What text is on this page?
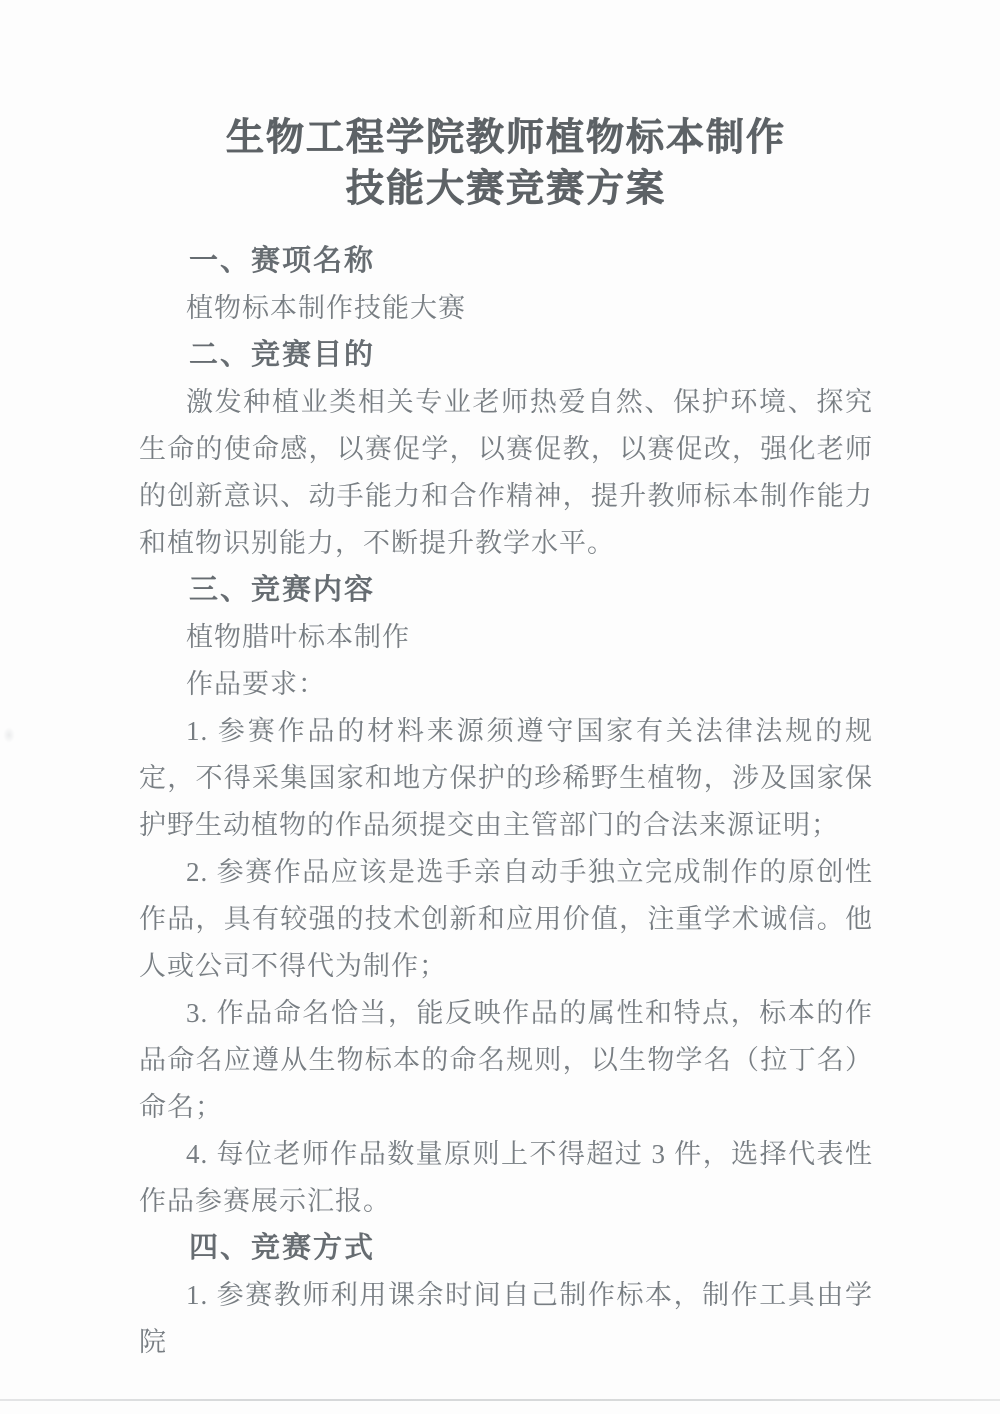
生物工程学院教师植物标本制作
技能大赛竞赛方案
一、赛项名称

植物标本制作技能大赛

二、竞赛目的

激发种植业类相关专业老师热爱自然、保护环境、探究生命的使命感，以赛促学，以赛促教，以赛促改，强化老师的创新意识、动手能力和合作精神，提升教师标本制作能力和植物识别能力，不断提升教学水平。

三、竞赛内容

植物腊叶标本制作

作品要求：

1. 参赛作品的材料来源须遵守国家有关法律法规的规定，不得采集国家和地方保护的珍稀野生植物，涉及国家保护野生动植物的作品须提交由主管部门的合法来源证明；

2. 参赛作品应该是选手亲自动手独立完成制作的原创性作品，具有较强的技术创新和应用价值，注重学术诚信。他人或公司不得代为制作；

3. 作品命名恰当，能反映作品的属性和特点，标本的作品命名应遵从生物标本的命名规则，以生物学名（拉丁名）命名；

4. 每位老师作品数量原则上不得超过 3 件，选择代表性作品参赛展示汇报。

四、竞赛方式

1. 参赛教师利用课余时间自己制作标本，制作工具由学院
